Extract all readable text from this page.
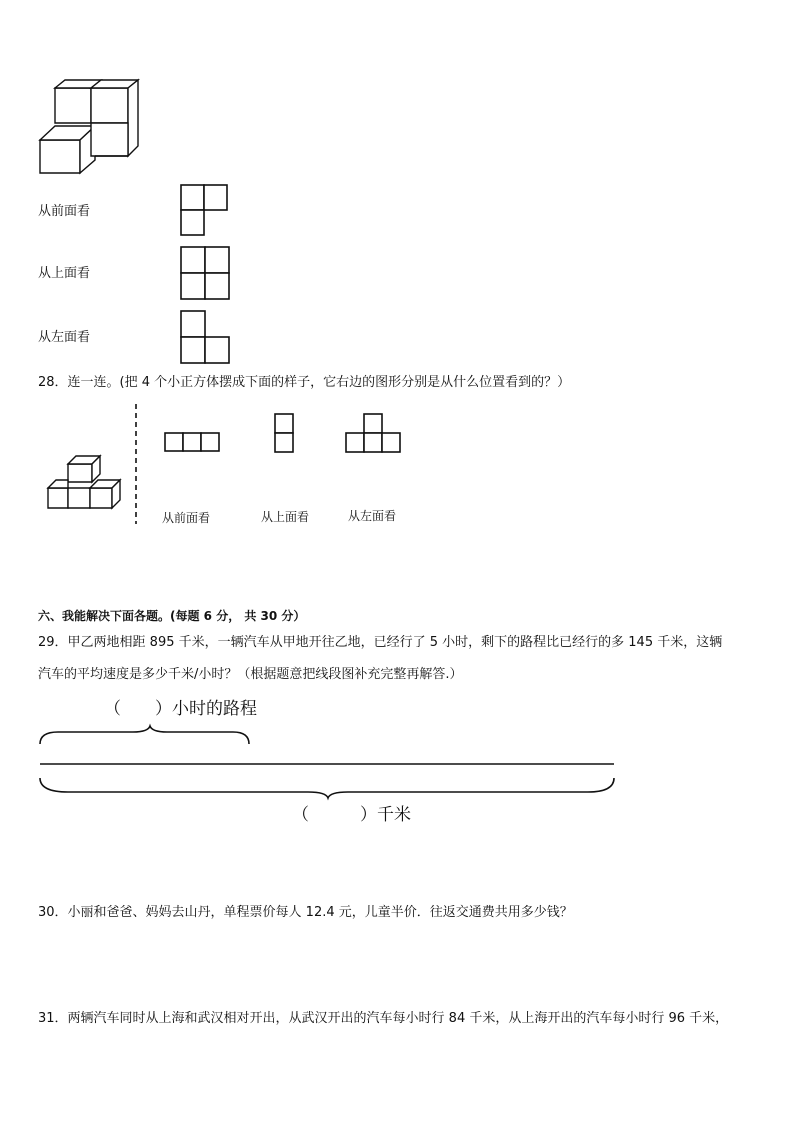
从前面看
从上面看
从左面看
28．连一连。(把 4 个小正方体摆成下面的样子，它右边的图形分别是从什么位置看到的？）
从前面看	从上面看	从左面看
六、我能解决下面各题。(每题 6 分， 共 30 分）
29．甲乙两地相距 895 千米，一辆汽车从甲地开往乙地，已经行了 5 小时，剩下的路程比已经行的多 145 千米，这辆
汽车的平均速度是多少千米/小时？（根据题意把线段图补充完整再解答.）
（　　）小时的路程
（　　　）千米
30．小丽和爸爸、妈妈去山丹，单程票价每人 12.4 元，儿童半价．往返交通费共用多少钱？
31．两辆汽车同时从上海和武汉相对开出，从武汉开出的汽车每小时行 84 千米，从上海开出的汽车每小时行 96 千米，
